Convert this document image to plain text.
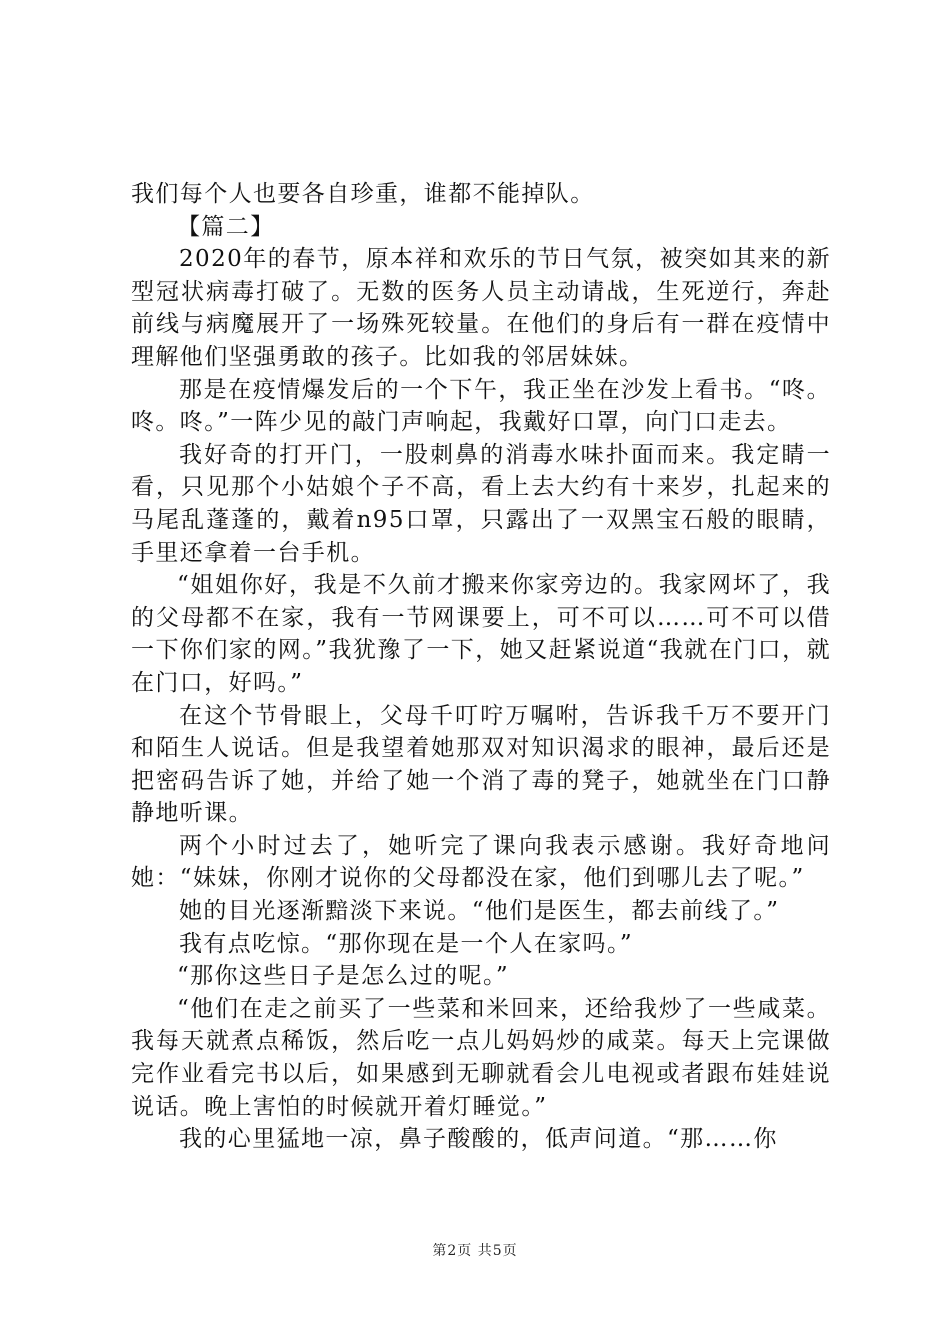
我们每个人也要各自珍重，谁都不能掉队。

【篇二】

2020年的春节，原本祥和欢乐的节日气氛，被突如其来的新型冠状病毒打破了。无数的医务人员主动请战，生死逆行，奔赴前线与病魔展开了一场殊死较量。在他们的身后有一群在疫情中理解他们坚强勇敢的孩子。比如我的邻居妹妹。

那是在疫情爆发后的一个下午，我正坐在沙发上看书。“咚。咚。咚。”一阵少见的敲门声响起，我戴好口罩，向门口走去。

我好奇的打开门，一股刺鼻的消毒水味扑面而来。我定睛一看，只见那个小姑娘个子不高，看上去大约有十来岁，扎起来的马尾乱蓬蓬的，戴着n95口罩，只露出了一双黑宝石般的眼睛，手里还拿着一台手机。

“姐姐你好，我是不久前才搬来你家旁边的。我家网坏了，我的父母都不在家，我有一节网课要上，可不可以……可不可以借一下你们家的网。”我犹豫了一下，她又赶紧说道“我就在门口，就在门口，好吗。”

在这个节骨眼上，父母千叮咛万嘱咐，告诉我千万不要开门和陌生人说话。但是我望着她那双对知识渴求的眼神，最后还是把密码告诉了她，并给了她一个消了毒的凳子，她就坐在门口静静地听课。

两个小时过去了，她听完了课向我表示感谢。我好奇地问她：“妹妹，你刚才说你的父母都没在家，他们到哪儿去了呢。”

她的目光逐渐黯淡下来说。“他们是医生，都去前线了。”

我有点吃惊。“那你现在是一个人在家吗。”

“那你这些日子是怎么过的呢。”

“他们在走之前买了一些菜和米回来，还给我炒了一些咸菜。我每天就煮点稀饭，然后吃一点儿妈妈炒的咸菜。每天上完课做完作业看完书以后，如果感到无聊就看会儿电视或者跟布娃娃说说话。晚上害怕的时候就开着灯睡觉。”

我的心里猛地一凉，鼻子酸酸的，低声问道。“那……你

第2页 共5页
